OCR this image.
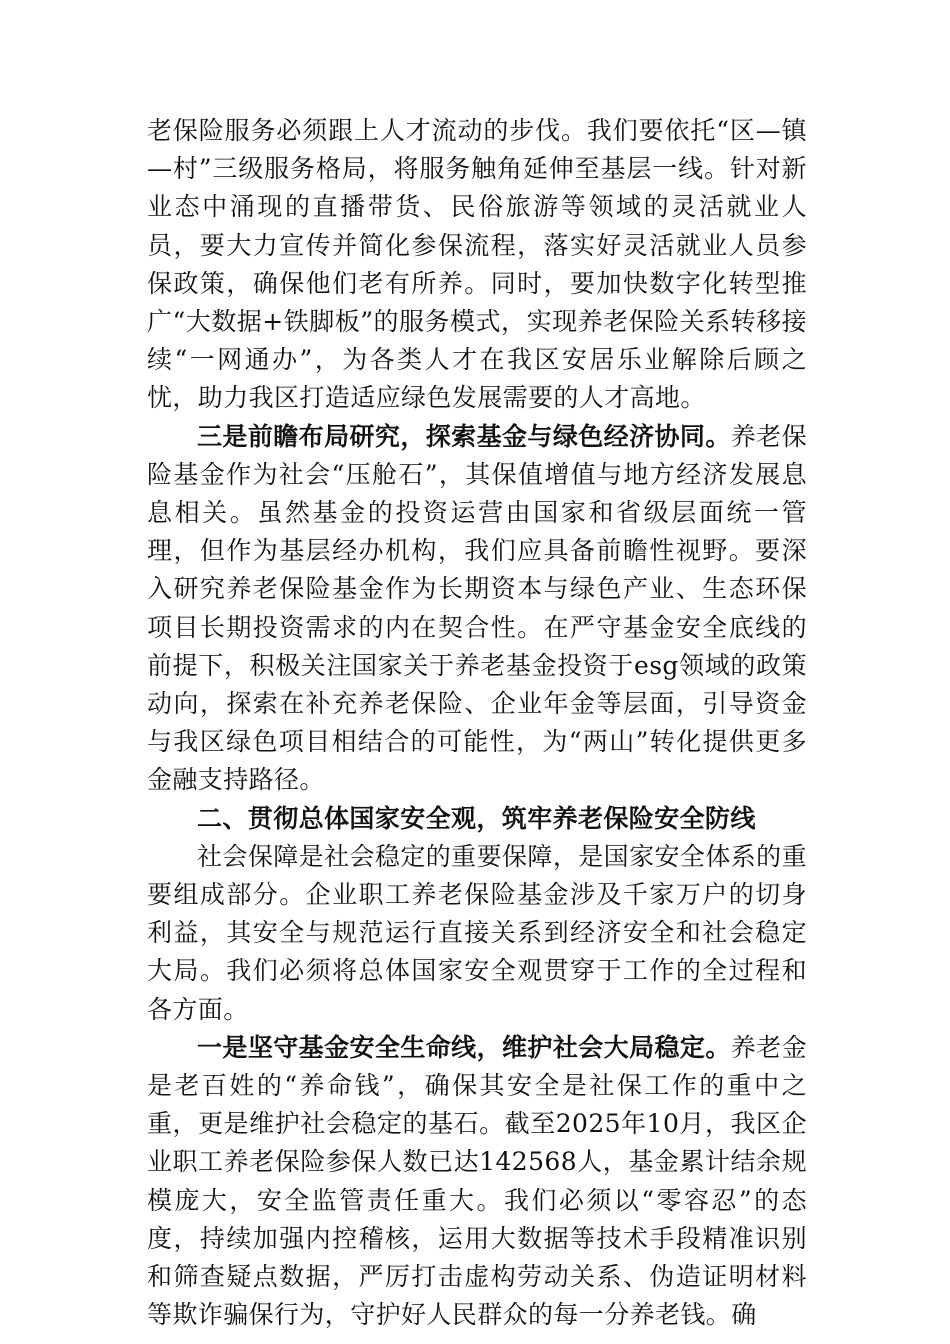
老保险服务必须跟上人才流动的步伐。我们要依托“区—镇—村”三级服务格局，将服务触角延伸至基层一线。针对新业态中涌现的直播带货、民俗旅游等领域的灵活就业人员，要大力宣传并简化参保流程，落实好灵活就业人员参保政策，确保他们老有所养。同时，要加快数字化转型推广“大数据+铁脚板”的服务模式，实现养老保险关系转移接续“一网通办”，为各类人才在我区安居乐业解除后顾之忧，助力我区打造适应绿色发展需要的人才高地。

三是前瞻布局研究，探索基金与绿色经济协同。养老保险基金作为社会“压舱石”，其保值增值与地方经济发展息息相关。虽然基金的投资运营由国家和省级层面统一管理，但作为基层经办机构，我们应具备前瞻性视野。要深入研究养老保险基金作为长期资本与绿色产业、生态环保项目长期投资需求的内在契合性。在严守基金安全底线的前提下，积极关注国家关于养老基金投资于esg领域的政策动向，探索在补充养老保险、企业年金等层面，引导资金与我区绿色项目相结合的可能性，为“两山”转化提供更多金融支持路径。

二、贯彻总体国家安全观，筑牢养老保险安全防线

社会保障是社会稳定的重要保障，是国家安全体系的重要组成部分。企业职工养老保险基金涉及千家万户的切身利益，其安全与规范运行直接关系到经济安全和社会稳定大局。我们必须将总体国家安全观贯穿于工作的全过程和各方面。

一是坚守基金安全生命线，维护社会大局稳定。养老金是老百姓的“养命钱”，确保其安全是社保工作的重中之重，更是维护社会稳定的基石。截至2025年10月，我区企业职工养老保险参保人数已达142568人，基金累计结余规模庞大，安全监管责任重大。我们必须以“零容忍”的态度，持续加强内控稽核，运用大数据等技术手段精准识别和筛查疑点数据，严厉打击虚构劳动关系、伪造证明材料等欺诈骗保行为，守护好人民群众的每一分养老钱。确
